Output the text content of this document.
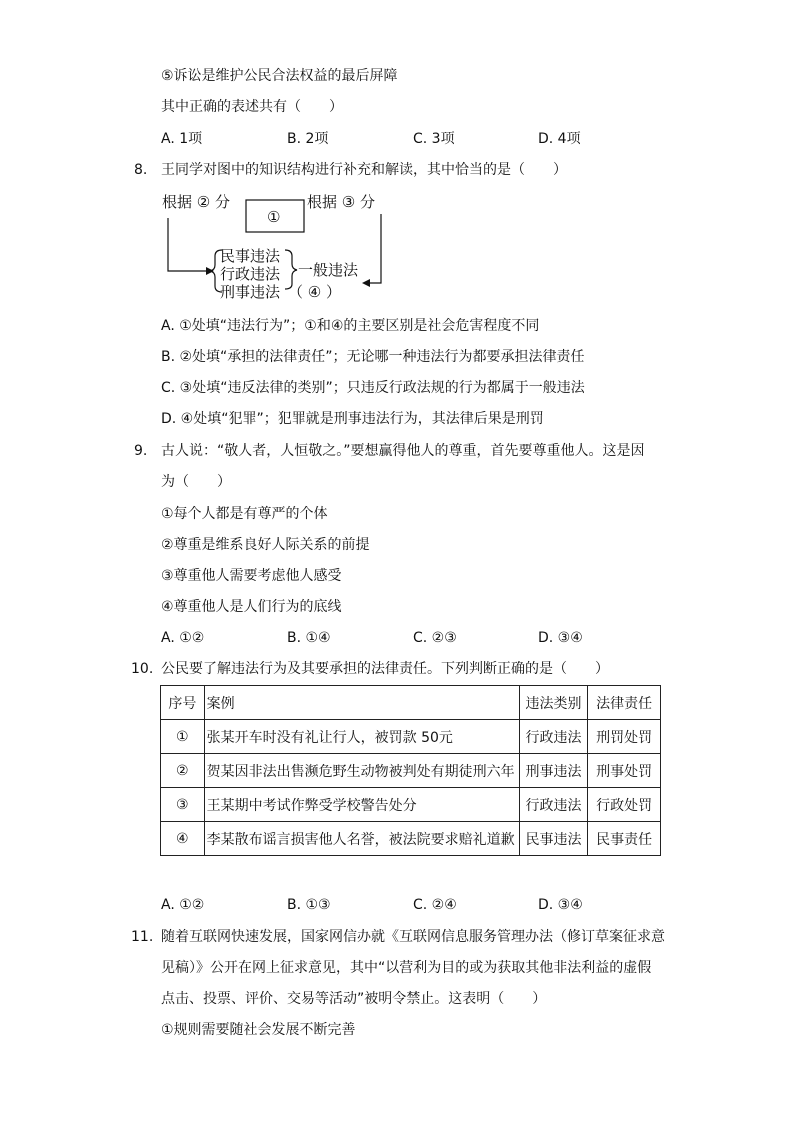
⑤诉讼是维护公民合法权益的最后屏障
其中正确的表述共有（　　）
A. 1项	B. 2项	C. 3项	D. 4项
8. 王同学对图中的知识结构进行补充和解读，其中恰当的是（　　）
根据 ② 分
①
根据 ③ 分
民事违法
行政违法
刑事违法
一般违法
（ ④ ）
A. ①处填“违法行为”；①和④的主要区别是社会危害程度不同
B. ②处填“承担的法律责任”；无论哪一种违法行为都要承担法律责任
C. ③处填“违反法律的类别”；只违反行政法规的行为都属于一般违法
D. ④处填“犯罪”；犯罪就是刑事违法行为，其法律后果是刑罚
9. 古人说：“敬人者，人恒敬之。”要想赢得他人的尊重，首先要尊重他人。这是因
为（　　）
①每个人都是有尊严的个体
②尊重是维系良好人际关系的前提
③尊重他人需要考虑他人感受
④尊重他人是人们行为的底线
A. ①②	B. ①④	C. ②③	D. ③④
10. 公民要了解违法行为及其要承担的法律责任。下列判断正确的是（　　）
序号	案例	违法类别	法律责任
①	张某开车时没有礼让行人，被罚款 50元	行政违法	刑罚处罚
②	贺某因非法出售濒危野生动物被判处有期徒刑六年	刑事违法	刑事处罚
③	王某期中考试作弊受学校警告处分	行政违法	行政处罚
④	李某散布谣言损害他人名誉，被法院要求赔礼道歉	民事违法	民事责任
A. ①②	B. ①③	C. ②④	D. ③④
11. 随着互联网快速发展，国家网信办就《互联网信息服务管理办法（修订草案征求意
见稿）》公开在网上征求意见，其中“以营利为目的或为获取其他非法利益的虚假
点击、投票、评价、交易等活动”被明令禁止。这表明（　　）
①规则需要随社会发展不断完善
